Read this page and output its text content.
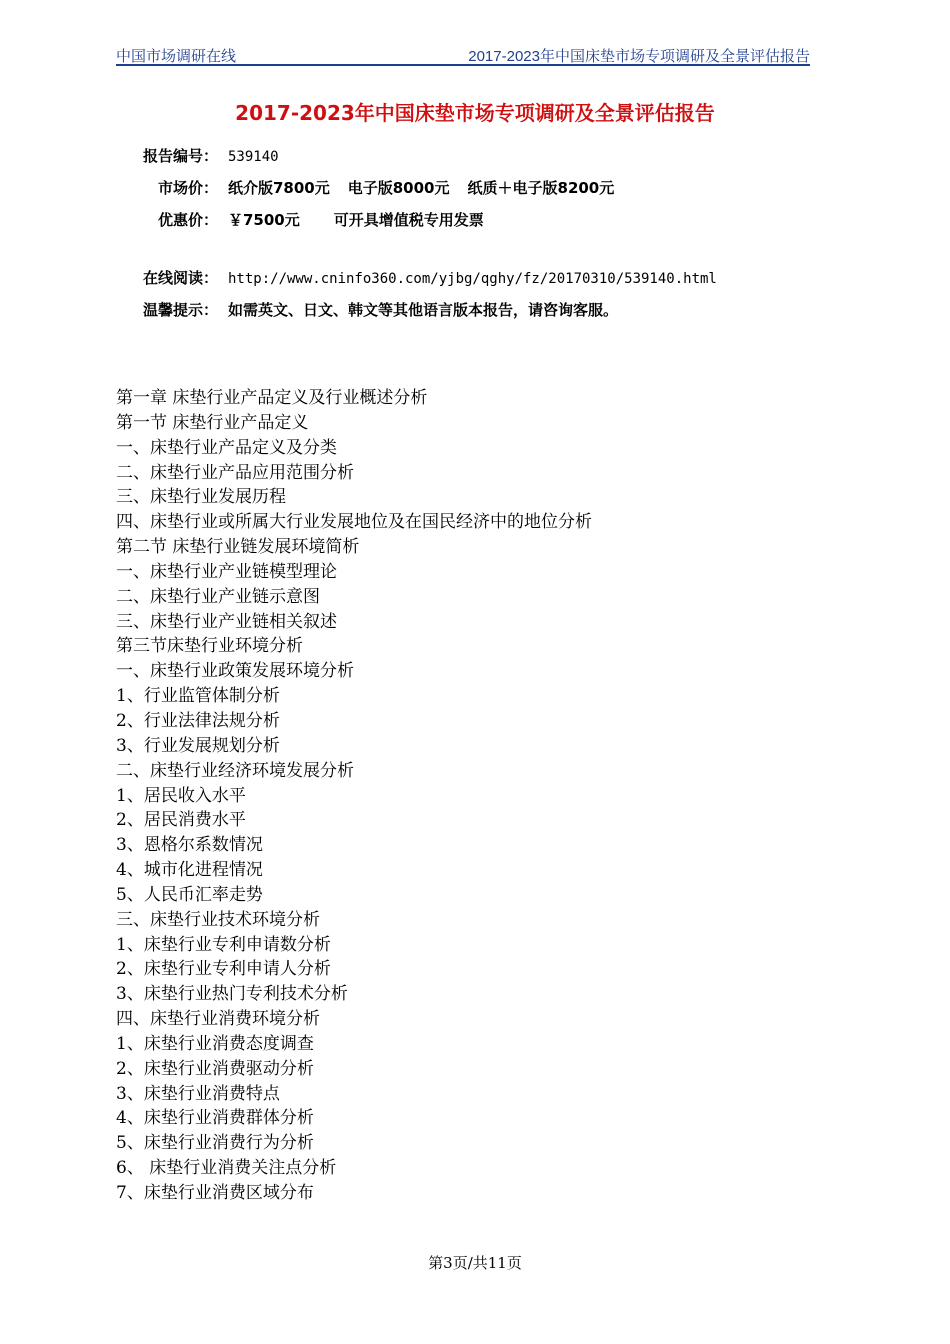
中国市场调研在线	2017-2023年中国床垫市场专项调研及全景评估报告
2017-2023年中国床垫市场专项调研及全景评估报告
报告编号： 539140
市场价： 纸介版7800元 电子版8000元 纸质＋电子版8200元
优惠价： ￥7500元 可开具增值税专用发票
在线阅读： http://www.cninfo360.com/yjbg/qghy/fz/20170310/539140.html
温馨提示： 如需英文、日文、韩文等其他语言版本报告，请咨询客服。
第一章 床垫行业产品定义及行业概述分析
第一节 床垫行业产品定义
一、床垫行业产品定义及分类
二、床垫行业产品应用范围分析
三、床垫行业发展历程
四、床垫行业或所属大行业发展地位及在国民经济中的地位分析
第二节 床垫行业链发展环境简析
一、床垫行业产业链模型理论
二、床垫行业产业链示意图
三、床垫行业产业链相关叙述
第三节床垫行业环境分析
一、床垫行业政策发展环境分析
1、行业监管体制分析
2、行业法律法规分析
3、行业发展规划分析
二、床垫行业经济环境发展分析
1、居民收入水平
2、居民消费水平
3、恩格尔系数情况
4、城市化进程情况
5、人民币汇率走势
三、床垫行业技术环境分析
1、床垫行业专利申请数分析
2、床垫行业专利申请人分析
3、床垫行业热门专利技术分析
四、床垫行业消费环境分析
1、床垫行业消费态度调查
2、床垫行业消费驱动分析
3、床垫行业消费特点
4、床垫行业消费群体分析
5、床垫行业消费行为分析
6、 床垫行业消费关注点分析
7、床垫行业消费区域分布
第3页/共11页
